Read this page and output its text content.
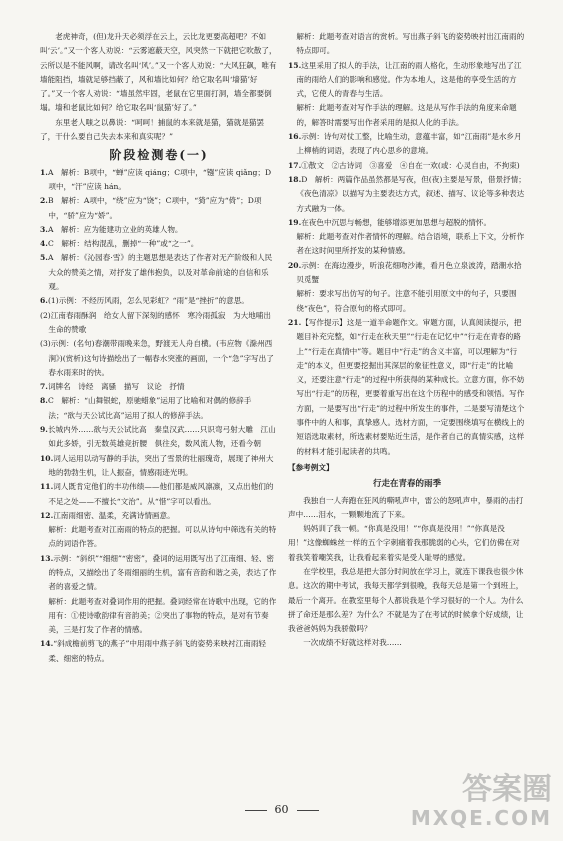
老虎神奇，(但)龙升天必须浮在云上，云比龙更要高超吧？不如叫‘云’。”又一个客人劝说：“云雾遮蔽天空，风突然一下就把它吹散了，云所以是不能风啊，请改名叫‘风’。”又一个客人劝说：“大风狂飙，唯有墙能阻挡，墙就足够挡蔽了，风和墙比如何？给它取名叫‘墙猫’好了。”又一个客人劝说：“墙虽然牢固，老鼠在它里面打洞，墙全都要倒塌。墙和老鼠比如何？给它取名叫‘鼠猫’好了。”

东里老人嗤之以鼻说：“呵呵！捕鼠的本来就是猫，猫就是猫罢了，干什么要自己失去本来和真实呢？”

阶段检测卷(一)
1.A　解析：B项中，“蝉”应读 qiáng；C项中，“镪”应读 qiǎng；D项中，“汗”应读 hán。
2.B　解析：A项中，“绕”应为“饶”；C项中，“猗”应为“倚”；D项中，“骄”应为“娇”。
3.A　解析：应为能建功立业的英雄人物。
4.C　解析：结构混乱，删掉“一种”或“之一”。
5.A　解析：《沁园春·雪》的主题思想是表达了作者对无产阶级和人民大众的赞美之情，对抒发了雄伟抱负，以及对革命前途的自信和乐观。
6.(1)示例：不经历风雨，怎么见彩虹？“雨”是“挫折”的意思。
(2)江南春雨酥润　给女人留下深刻的感怀　寒冷雨孤寂　为大地哺出生命的赞歌
(3)示例：(名句)春潮带雨晚来急，野渡无人舟自横。(韦应物《滁州西涧》)(赏析)这句诗描绘出了一幅春水突涨的画面，一个“急”字写出了春水雨来时的快。
7.词牌名　诗经　离骚　描写　议论　抒情
8.C　解析：“山舞银蛇，原驰蜡象”运用了比喻和对偶的修辞手法；“欲与天公试比高”运用了拟人的修辞手法。
9.长城内外……欲与天公试比高　秦皇汉武……只识弯弓射大雕　江山如此多娇，引无数英雄竞折腰　俱往矣，数风流人物，还看今朝
10.词人运用以动写静的手法，突出了雪景的壮丽瑰奇，展现了神州大地的勃勃生机，让人振奋，情感雨迹光明。
11.词人既肯定他们的丰功伟绩——他们都是威风凛凛，又点出他们的不足之处——不擅长“文治”。从“惜”字可以看出。
12.江南雨细密、温柔，充满诗情画意。
解析：此题考查对江南雨的特点的把握。可以从诗句中筛选有关的特点的词语作答。
13.示例：“斜织”“细细”“密密”，叠词的运用既写出了江南细、轻、密的特点，又描绘出了冬雨细丽的生机，富有音韵和谐之美，表达了作者的喜爱之情。
解析：此题考查对叠词作用的把握。叠词经常在诗歌中出现，它的作用有：①使诗歌韵律有音韵美；②突出了事物的特点，是对有节奏美，三是打发了作者的情感。
14.“斜成檐前剪飞的燕子”中用雨中燕子斜飞的姿势来映衬江南雨轻柔、细密的特点。
解析：此题考查对语言的赏析。写出燕子斜飞的姿势映衬出江南雨的特点即可。
15.这里采用了拟人的手法，让江南的雨人格化，生动形象地写出了江南的雨给人们的影响和感觉。作为本地人，这是他的享受生活的方式，它使人的青春与生活。
解析：此题考查对写作手法的理解。这是从写作手法的角度来命题的，解答时需要写出作者采用的是拟人化的手法。
16.示例：诗句对仗工整，比喻生动，意蕴丰富，如“江南雨”是水乡月上柳梢的词语，表现了内心思乡的意境。
17.①散文　②古诗词　③喜爱　④自在一欢(或：心灵自由，不拘束)
18.D　解析：两篇作品虽然都是写夜，但(夜)主要是写景，借景抒情；《夜色清凉》以描写为主要表达方式，叙述、描写、议论等多种表达方式融为一体。
19.在夜色中沉思与畅想，能够增添更加思想与超脱的情怀。
解析：此题考查对作者情怀的理解。结合语境，联系上下文，分析作者在这时间里所抒发的某种情感。
20.示例：在海边漫步，听浪花细吻沙滩，看月色立泉波涛，踏潮水拾贝觅蟹
解析：要求写出仿写的句子。注意不能引用原文中的句子，只要围绕“夜色”，符合原句的格式即可。
21.【写作提示】这是一道半命题作文。审题方面，认真阅读提示，把题目补充完整，如“行走在秋天里”“行走在记忆中”“行走在青春的路上”“行走在真情中”等。题目中“行走”的含义丰富，可以理解为“行走”的本义，但更要挖掘出其深层的象征性意义，即“行走”的比喻义，还要注意“行走”的过程中所获得的某种成长。立意方面，你不妨写出“行走”的历程，更要着重写出在这个历程中的感受和领悟。写作方面，一是要写出“行走”的过程中所发生的事件，二是要写清楚这个事件中的人和事，真挚感人。选材方面，一定要围绕填写在横线上的短语选取素材，所选素材要贴近生活，是作者自己的真情实感，这样的材料才能引起读者的共鸣。
【参考例文】
行走在青春的雨季

我独自一人奔跑在狂风的嘶吼声中，雷公的怒吼声中，暴雨的击打声中……泪水，一颗颗地流了下来。

妈妈训了我一顿。“你真是没用！”“你真是没用！”“你真是没用！”这像蜘蛛丝一样的五个字刺痛着我那脆弱的心头，它们仿佛在对着我笑着嘲笑我，让我看起来着实是受人耻辱的感觉。

在学校里，我总是把大部分时间放在学习上，就连下课我也很少休息。这次的期中考试，我每天都学到很晚，我每天总是第一个到班上，最后一个离开。在教室里每个人都说我是个学习很好的一个人。为什么拼了命还是那么差？为什么？不就是为了在考试的时候拿个好成绩，让我爸爸妈妈为我骄傲吗？

一次成绩不好就这样对我……

60
答案圈
MXQE.COM
